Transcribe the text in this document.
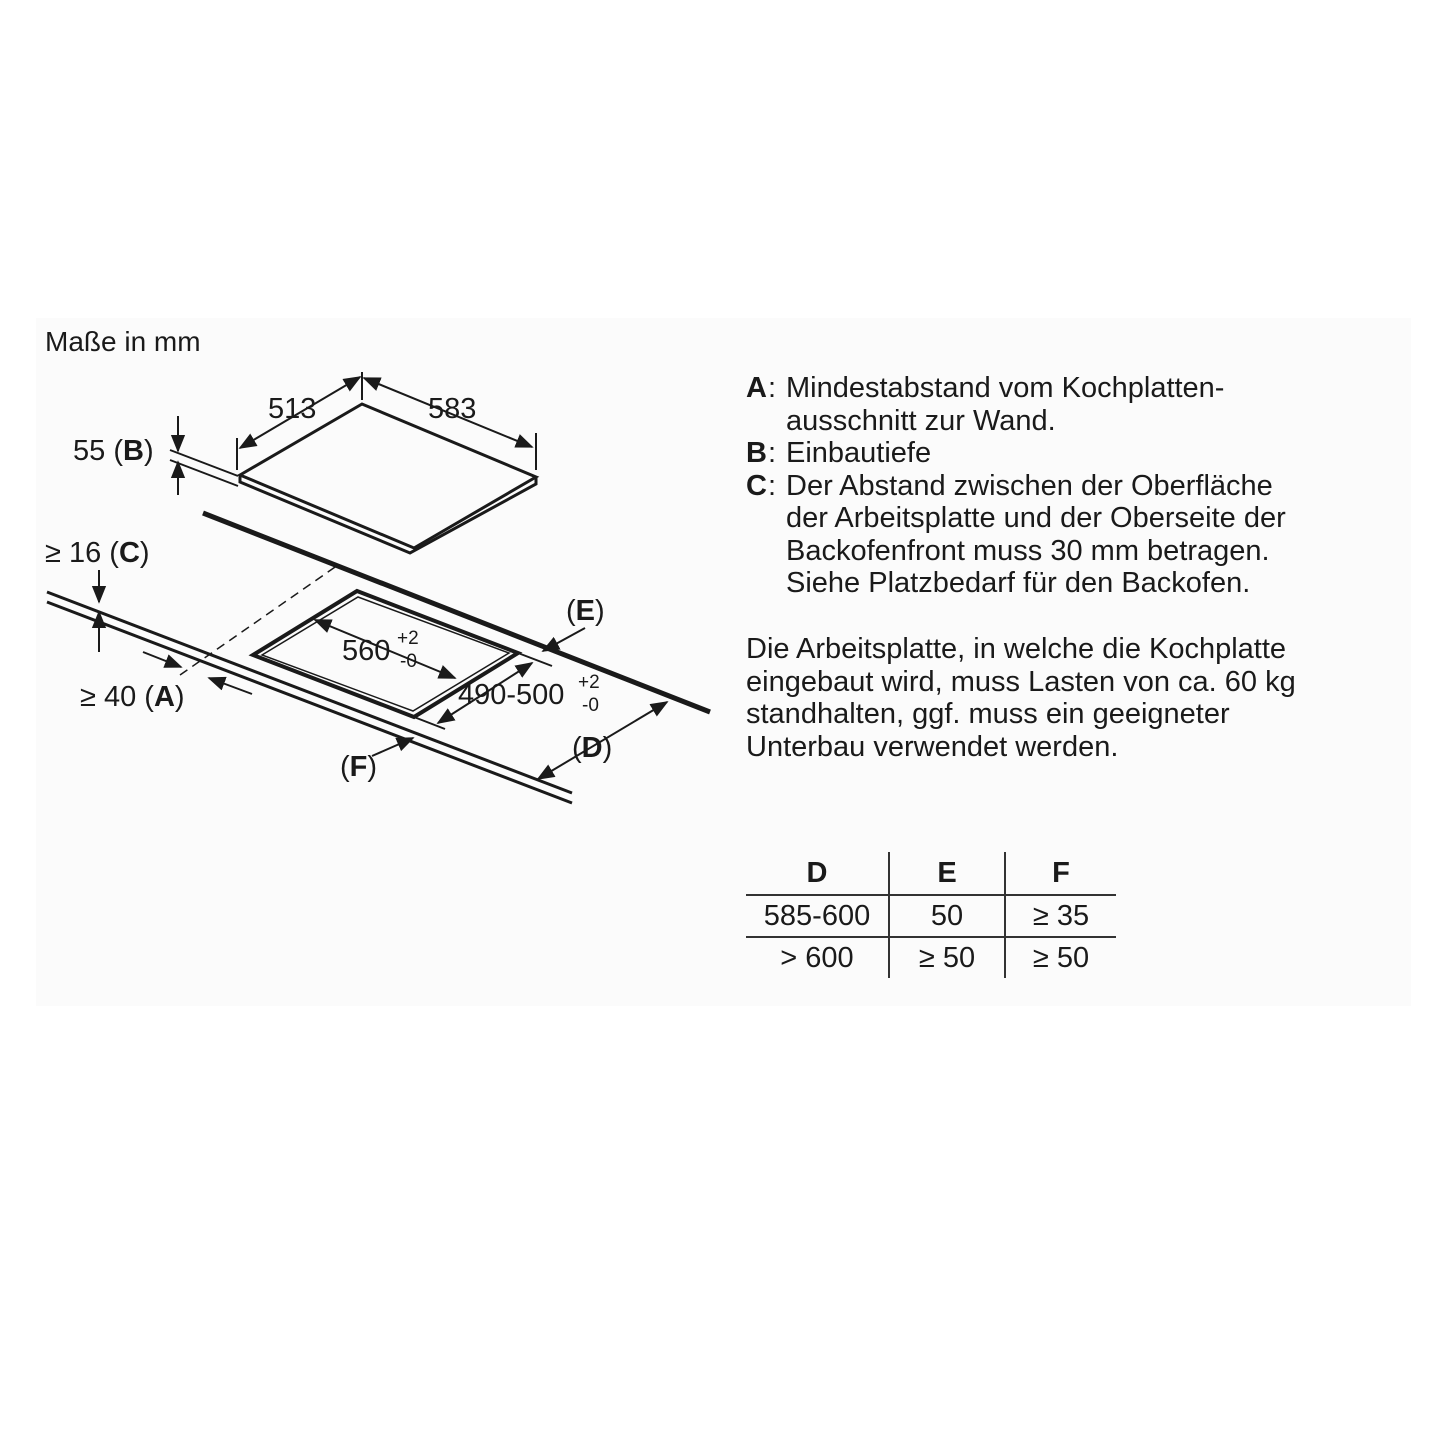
Maße in mm
583
513
55 (B)
≥ 16 (C)
≥ 40 (A)
560 +2
-0
490-500 +2
-0
(E)
(D)
(F)
A : Mindestabstand vom Kochplatten-
ausschnitt zur Wand.
B : Einbautiefe
C : Der Abstand zwischen der Oberfläche
der Arbeitsplatte und der Oberseite der
Backofenfront muss 30 mm betragen.
Siehe Platzbedarf für den Backofen.
Die Arbeitsplatte, in welche die Kochplatte
eingebaut wird, muss Lasten von ca. 60 kg
standhalten, ggf. muss ein geeigneter
Unterbau verwendet werden.
D	E	F
585-600	50	≥ 35
> 600	≥ 50	≥ 50
